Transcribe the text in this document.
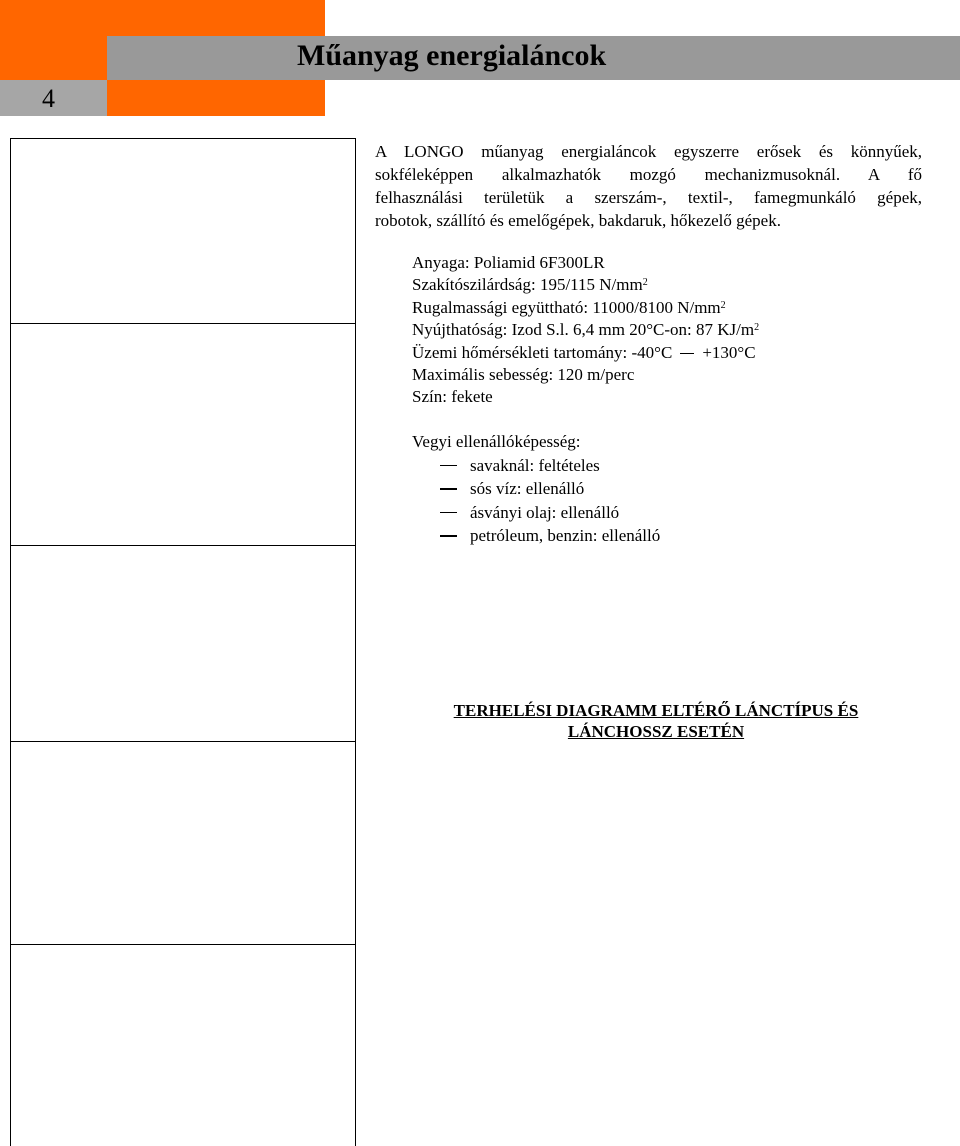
Műanyag energialáncok
4
A LONGO műanyag energialáncok egyszerre erősek és könnyűek,
sokféleképpen alkalmazhatók mozgó mechanizmusoknál. A fő
felhasználási területük a szerszám-, textil-, famegmunkáló gépek,
robotok, szállító és emelőgépek, bakdaruk, hőkezelő gépek.
Anyaga: Poliamid 6F300LR
Szakítószilárdság: 195/115 $N/mm^2$
Rugalmassági együttható: 11000/8100 $N/mm^2$
Nyújthatóság: Izod S.l. 6,4 mm 20°C-on: 87 $KJ/m^2$
Üzemi hőmérsékleti tartomány: -40°C +130°C
Maximális sebesség: 120 m/perc
Szín: fekete
Vegyi ellenállóképesség:
savaknál: feltételes
sós víz: ellenálló
ásványi olaj: ellenálló
petróleum, benzin: ellenálló
TERHELÉSI DIAGRAMM ELTÉRŐ LÁNCTÍPUS ÉS
LÁNCHOSSZ ESETÉN
